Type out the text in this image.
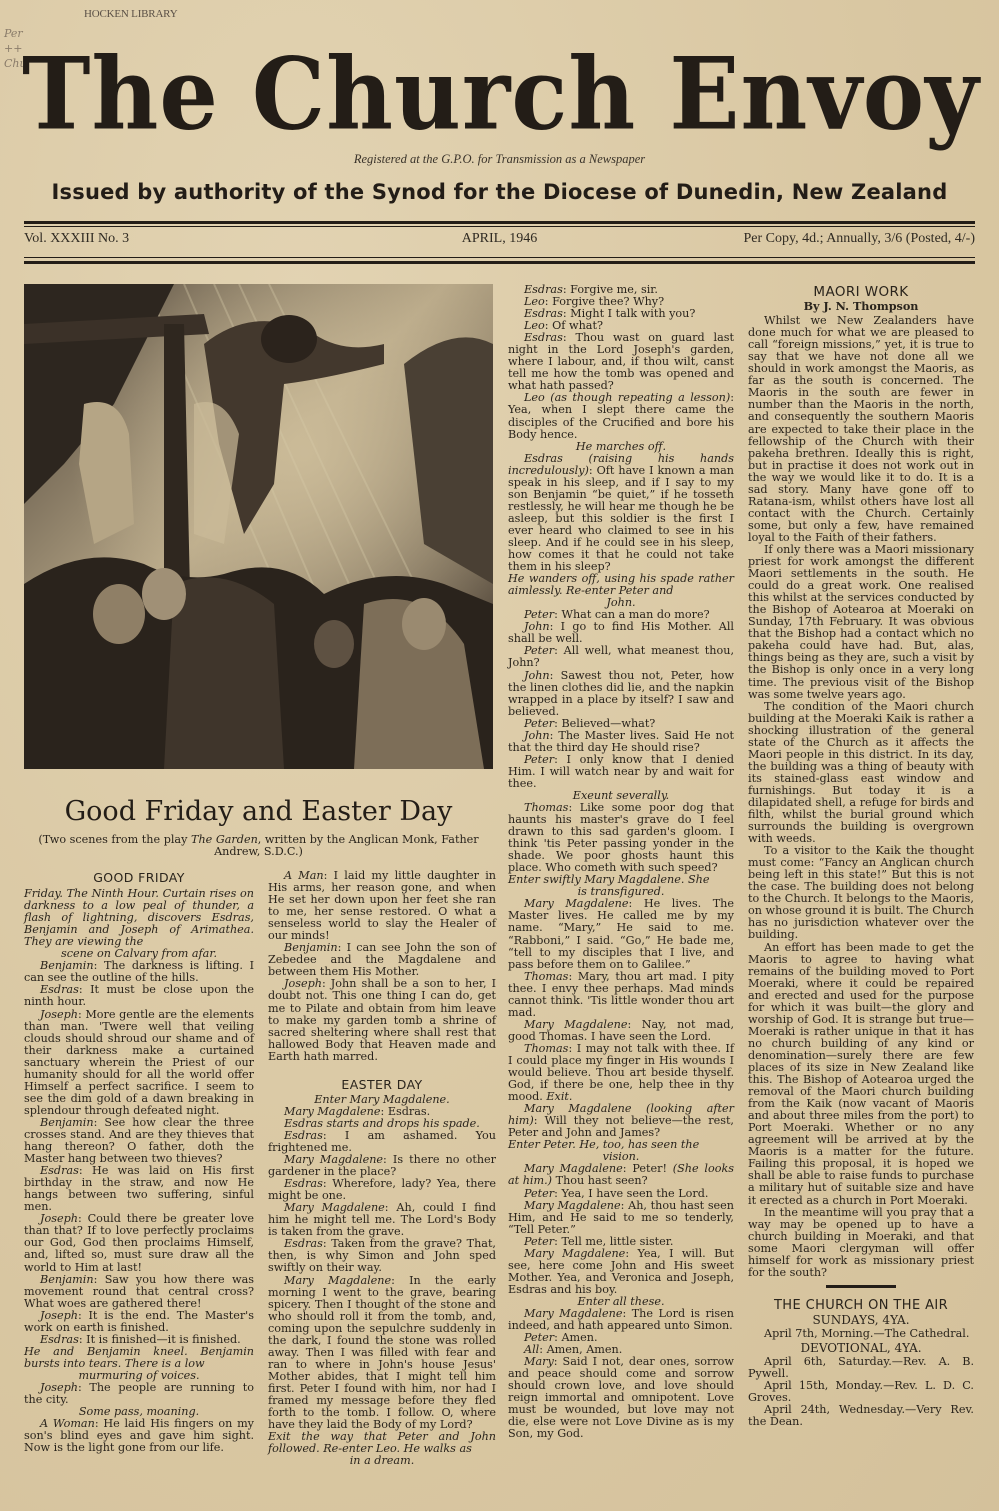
HOCKEN LIBRARY
Per
++
Chu
The Church Envoy
Registered at the G.P.O. for Transmission as a Newspaper
Issued by authority of the Synod for the Diocese of Dunedin, New Zealand
Vol. XXXIII No. 3	APRIL, 1946	Per Copy, 4d.; Annually, 3/6 (Posted, 4/-)
Good Friday and Easter Day
(Two scenes from the play The Garden, written by the Anglican Monk, Father Andrew, S.D.C.)
GOOD FRIDAY

Friday. The Ninth Hour. Curtain rises on darkness to a low peal of thunder, a flash of lightning, discovers Esdras, Benjamin and Joseph of Arimathea. They are viewing the

scene on Calvary from afar.

Benjamin: The darkness is lifting. I can see the outline of the hills.

Esdras: It must be close upon the ninth hour.

Joseph: More gentle are the elements than man. 'Twere well that veiling clouds should shroud our shame and of their darkness make a curtained sanctuary wherein the Priest of our humanity should for all the world offer Himself a perfect sacrifice. I seem to see the dim gold of a dawn breaking in splendour through defeated night.

Benjamin: See how clear the three crosses stand. And are they thieves that hang thereon? O father, doth the Master hang between two thieves?

Esdras: He was laid on His first birthday in the straw, and now He hangs between two suffering, sinful men.

Joseph: Could there be greater love than that? If to love perfectly proclaims our God, God then proclaims Himself, and, lifted so, must sure draw all the world to Him at last!

Benjamin: Saw you how there was movement round that central cross? What woes are gathered there!

Joseph: It is the end. The Master's work on earth is finished.

Esdras: It is finished—it is finished.

He and Benjamin kneel. Benjamin bursts into tears. There is a low

murmuring of voices.

Joseph: The people are running to the city.

Some pass, moaning.

A Woman: He laid His fingers on my son's blind eyes and gave him sight. Now is the light gone from our life.

A Man: I laid my little daughter in His arms, her reason gone, and when He set her down upon her feet she ran to me, her sense restored. O what a senseless world to slay the Healer of our minds!

Benjamin: I can see John the son of Zebedee and the Magdalene and between them His Mother.

Joseph: John shall be a son to her, I doubt not. This one thing I can do, get me to Pilate and obtain from him leave to make my garden tomb a shrine of sacred sheltering where shall rest that hallowed Body that Heaven made and Earth hath marred.

EASTER DAY

Enter Mary Magdalene.

Mary Magdalene: Esdras.

Esdras starts and drops his spade.

Esdras: I am ashamed. You frightened me.

Mary Magdalene: Is there no other gardener in the place?

Esdras: Wherefore, lady? Yea, there might be one.

Mary Magdalene: Ah, could I find him he might tell me. The Lord's Body is taken from the grave.

Esdras: Taken from the grave? That, then, is why Simon and John sped swiftly on their way.

Mary Magdalene: In the early morning I went to the grave, bearing spicery. Then I thought of the stone and who should roll it from the tomb, and, coming upon the sepulchre suddenly in the dark, I found the stone was rolled away. Then I was filled with fear and ran to where in John's house Jesus' Mother abides, that I might tell him first. Peter I found with him, nor had I framed my message before they fled forth to the tomb. I follow. O, where have they laid the Body of my Lord?

Exit the way that Peter and John followed. Re-enter Leo. He walks as

in a dream.

Esdras: Forgive me, sir.

Leo: Forgive thee? Why?

Esdras: Might I talk with you?

Leo: Of what?

Esdras: Thou wast on guard last night in the Lord Joseph's garden, where I labour, and, if thou wilt, canst tell me how the tomb was opened and what hath passed?

Leo (as though repeating a lesson): Yea, when I slept there came the disciples of the Crucified and bore his Body hence.

He marches off.

Esdras (raising his hands incredulously): Oft have I known a man speak in his sleep, and if I say to my son Benjamin “be quiet,” if he tosseth restlessly, he will hear me though he be asleep, but this soldier is the first I ever heard who claimed to see in his sleep. And if he could see in his sleep, how comes it that he could not take them in his sleep?

He wanders off, using his spade rather aimlessly. Re-enter Peter and

John.

Peter: What can a man do more?

John: I go to find His Mother. All shall be well.

Peter: All well, what meanest thou, John?

John: Sawest thou not, Peter, how the linen clothes did lie, and the napkin wrapped in a place by itself? I saw and believed.

Peter: Believed—what?

John: The Master lives. Said He not that the third day He should rise?

Peter: I only know that I denied Him. I will watch near by and wait for thee.

Exeunt severally.

Thomas: Like some poor dog that haunts his master's grave do I feel drawn to this sad garden's gloom. I think 'tis Peter passing yonder in the shade. We poor ghosts haunt this place. Who cometh with such speed?

Enter swiftly Mary Magdalene. She

is transfigured.

Mary Magdalene: He lives. The Master lives. He called me by my name. “Mary,” He said to me. “Rabboni,” I said. “Go,” He bade me, “tell to my disciples that I live, and pass before them on to Galilee.”

Thomas: Mary, thou art mad. I pity thee. I envy thee perhaps. Mad minds cannot think. 'Tis little wonder thou art mad.

Mary Magdalene: Nay, not mad, good Thomas. I have seen the Lord.

Thomas: I may not talk with thee. If I could place my finger in His wounds I would believe. Thou art beside thyself. God, if there be one, help thee in thy mood. Exit.

Mary Magdalene (looking after him): Will they not believe—the rest, Peter and John and James?

Enter Peter. He, too, has seen the

vision.

Mary Magdalene: Peter! (She looks at him.) Thou hast seen?

Peter: Yea, I have seen the Lord.

Mary Magdalene: Ah, thou hast seen Him, and He said to me so tenderly, “Tell Peter.”

Peter: Tell me, little sister.

Mary Magdalene: Yea, I will. But see, here come John and His sweet Mother. Yea, and Veronica and Joseph, Esdras and his boy.

Enter all these.

Mary Magdalene: The Lord is risen indeed, and hath appeared unto Simon.

Peter: Amen.

All: Amen, Amen.

Mary: Said I not, dear ones, sorrow and peace should come and sorrow should crown love, and love should reign immortal and omnipotent. Love must be wounded, but love may not die, else were not Love Divine as is my Son, my God.

MAORI WORK
By J. N. Thompson

Whilst we New Zealanders have done much for what we are pleased to call “foreign missions,” yet, it is true to say that we have not done all we should in work amongst the Maoris, as far as the south is concerned. The Maoris in the south are fewer in number than the Maoris in the north, and consequently the southern Maoris are expected to take their place in the fellowship of the Church with their pakeha brethren. Ideally this is right, but in practise it does not work out in the way we would like it to do. It is a sad story. Many have gone off to Ratana-ism, whilst others have lost all contact with the Church. Certainly some, but only a few, have remained loyal to the Faith of their fathers.

If only there was a Maori missionary priest for work amongst the different Maori settlements in the south. He could do a great work. One realised this whilst at the services conducted by the Bishop of Aotearoa at Moeraki on Sunday, 17th February. It was obvious that the Bishop had a contact which no pakeha could have had. But, alas, things being as they are, such a visit by the Bishop is only once in a very long time. The previous visit of the Bishop was some twelve years ago.

The condition of the Maori church building at the Moeraki Kaik is rather a shocking illustration of the general state of the Church as it affects the Maori people in this district. In its day, the building was a thing of beauty with its stained-glass east window and furnishings. But today it is a dilapidated shell, a refuge for birds and filth, whilst the burial ground which surrounds the building is overgrown with weeds.

To a visitor to the Kaik the thought must come: “Fancy an Anglican church being left in this state!” But this is not the case. The building does not belong to the Church. It belongs to the Maoris, on whose ground it is built. The Church has no jurisdiction whatever over the building.

An effort has been made to get the Maoris to agree to having what remains of the building moved to Port Moeraki, where it could be repaired and erected and used for the purpose for which it was built—the glory and worship of God. It is strange but true—Moeraki is rather unique in that it has no church building of any kind or denomination—surely there are few places of its size in New Zealand like this. The Bishop of Aotearoa urged the removal of the Maori church building from the Kaik (now vacant of Maoris and about three miles from the port) to Port Moeraki. Whether or no any agreement will be arrived at by the Maoris is a matter for the future. Failing this proposal, it is hoped we shall be able to raise funds to purchase a military hut of suitable size and have it erected as a church in Port Moeraki.

In the meantime will you pray that a way may be opened up to have a church building in Moeraki, and that some Maori clergyman will offer himself for work as missionary priest for the south?

THE CHURCH ON THE AIR
SUNDAYS, 4YA.

April 7th, Morning.—The Cathedral.

DEVOTIONAL, 4YA.

April 6th, Saturday.—Rev. A. B. Pywell.

April 15th, Monday.—Rev. L. D. C. Groves.

April 24th, Wednesday.—Very Rev. the Dean.
